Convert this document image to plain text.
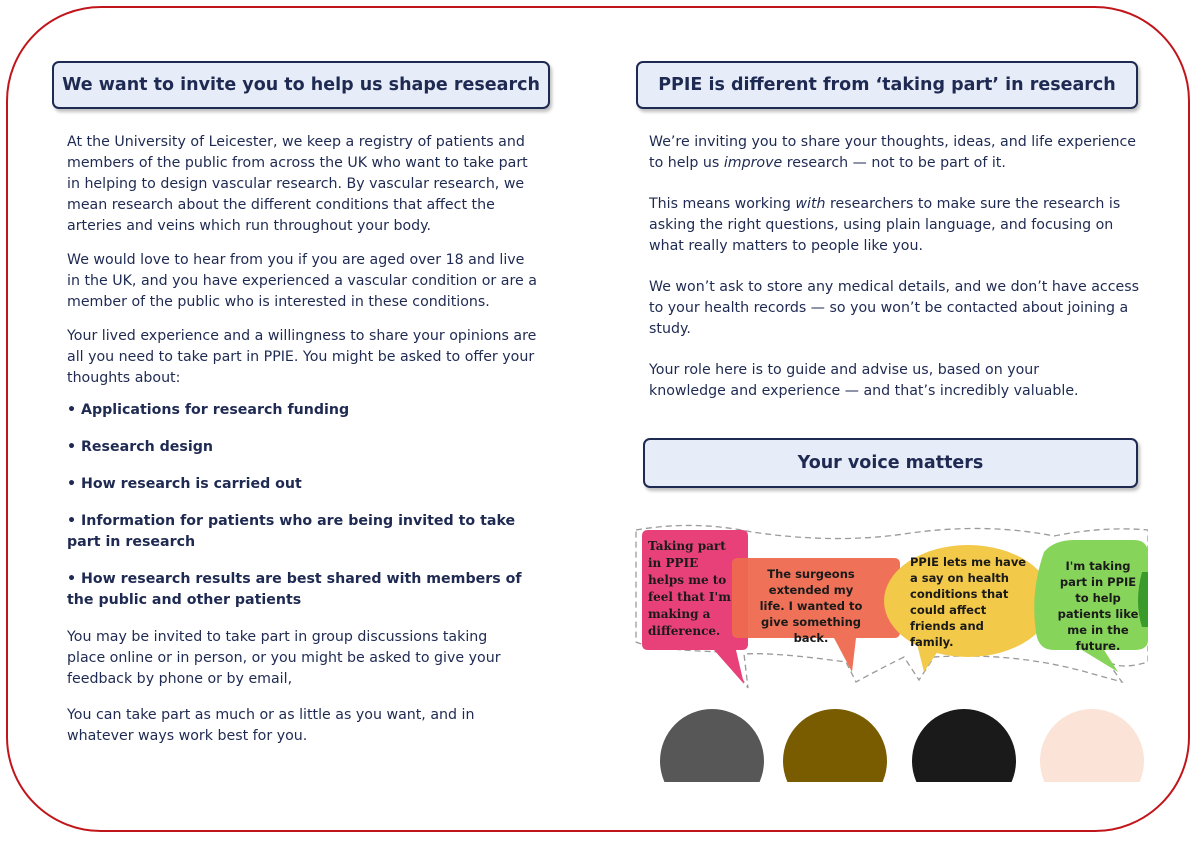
We want to invite you to help us shape research

At the University of Leicester, we keep a registry of patients and members of the public from across the UK who want to take part in helping to design vascular research. By vascular research, we mean research about the different conditions that affect the arteries and veins which run throughout your body.

We would love to hear from you if you are aged over 18 and live in the UK, and you have experienced a vascular condition or are a member of the public who is interested in these conditions.

Your lived experience and a willingness to share your opinions are all you need to take part in PPIE. You might be asked to offer your thoughts about:

• Applications for research funding

• Research design

• How research is carried out

• Information for patients who are being invited to take part in research

• How research results are best shared with members of the public and other patients

You may be invited to take part in group discussions taking place online or in person, or you might be asked to give your feedback by phone or by email,

You can take part as much or as little as you want, and in whatever ways work best for you.

PPIE is different from ‘taking part’ in research

We’re inviting you to share your thoughts, ideas, and life experience to help us improve research — not to be part of it.

This means working with researchers to make sure the research is asking the right questions, using plain language, and focusing on what really matters to people like you.

We won’t ask to store any medical details, and we don’t have access to your health records — so you won’t be contacted about joining a study.

Your role here is to guide and advise us, based on your knowledge and experience — and that’s incredibly valuable.

Your voice matters
Taking part in PPIE helps me to feel that I'm making a difference.
The surgeons extended my life. I wanted to give something back.
PPIE lets me have a say on health conditions that could affect friends and family.
I'm taking part in PPIE to help patients like me in the future.
